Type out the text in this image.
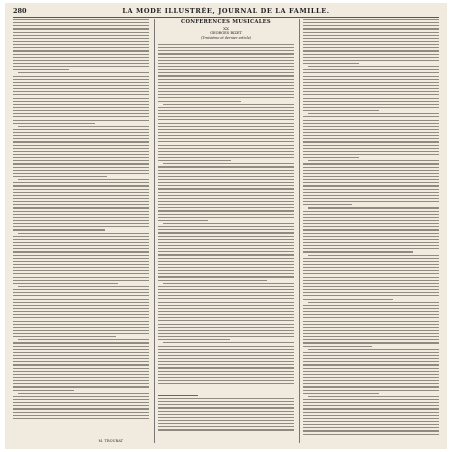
280	LA MODE ILLUSTRÉE, JOURNAL DE LA FAMILLE.
M. TROUBAT
CONFÉRENCES MUSICALES
XX
GEORGES BIZET
(Troisième et dernier article)
